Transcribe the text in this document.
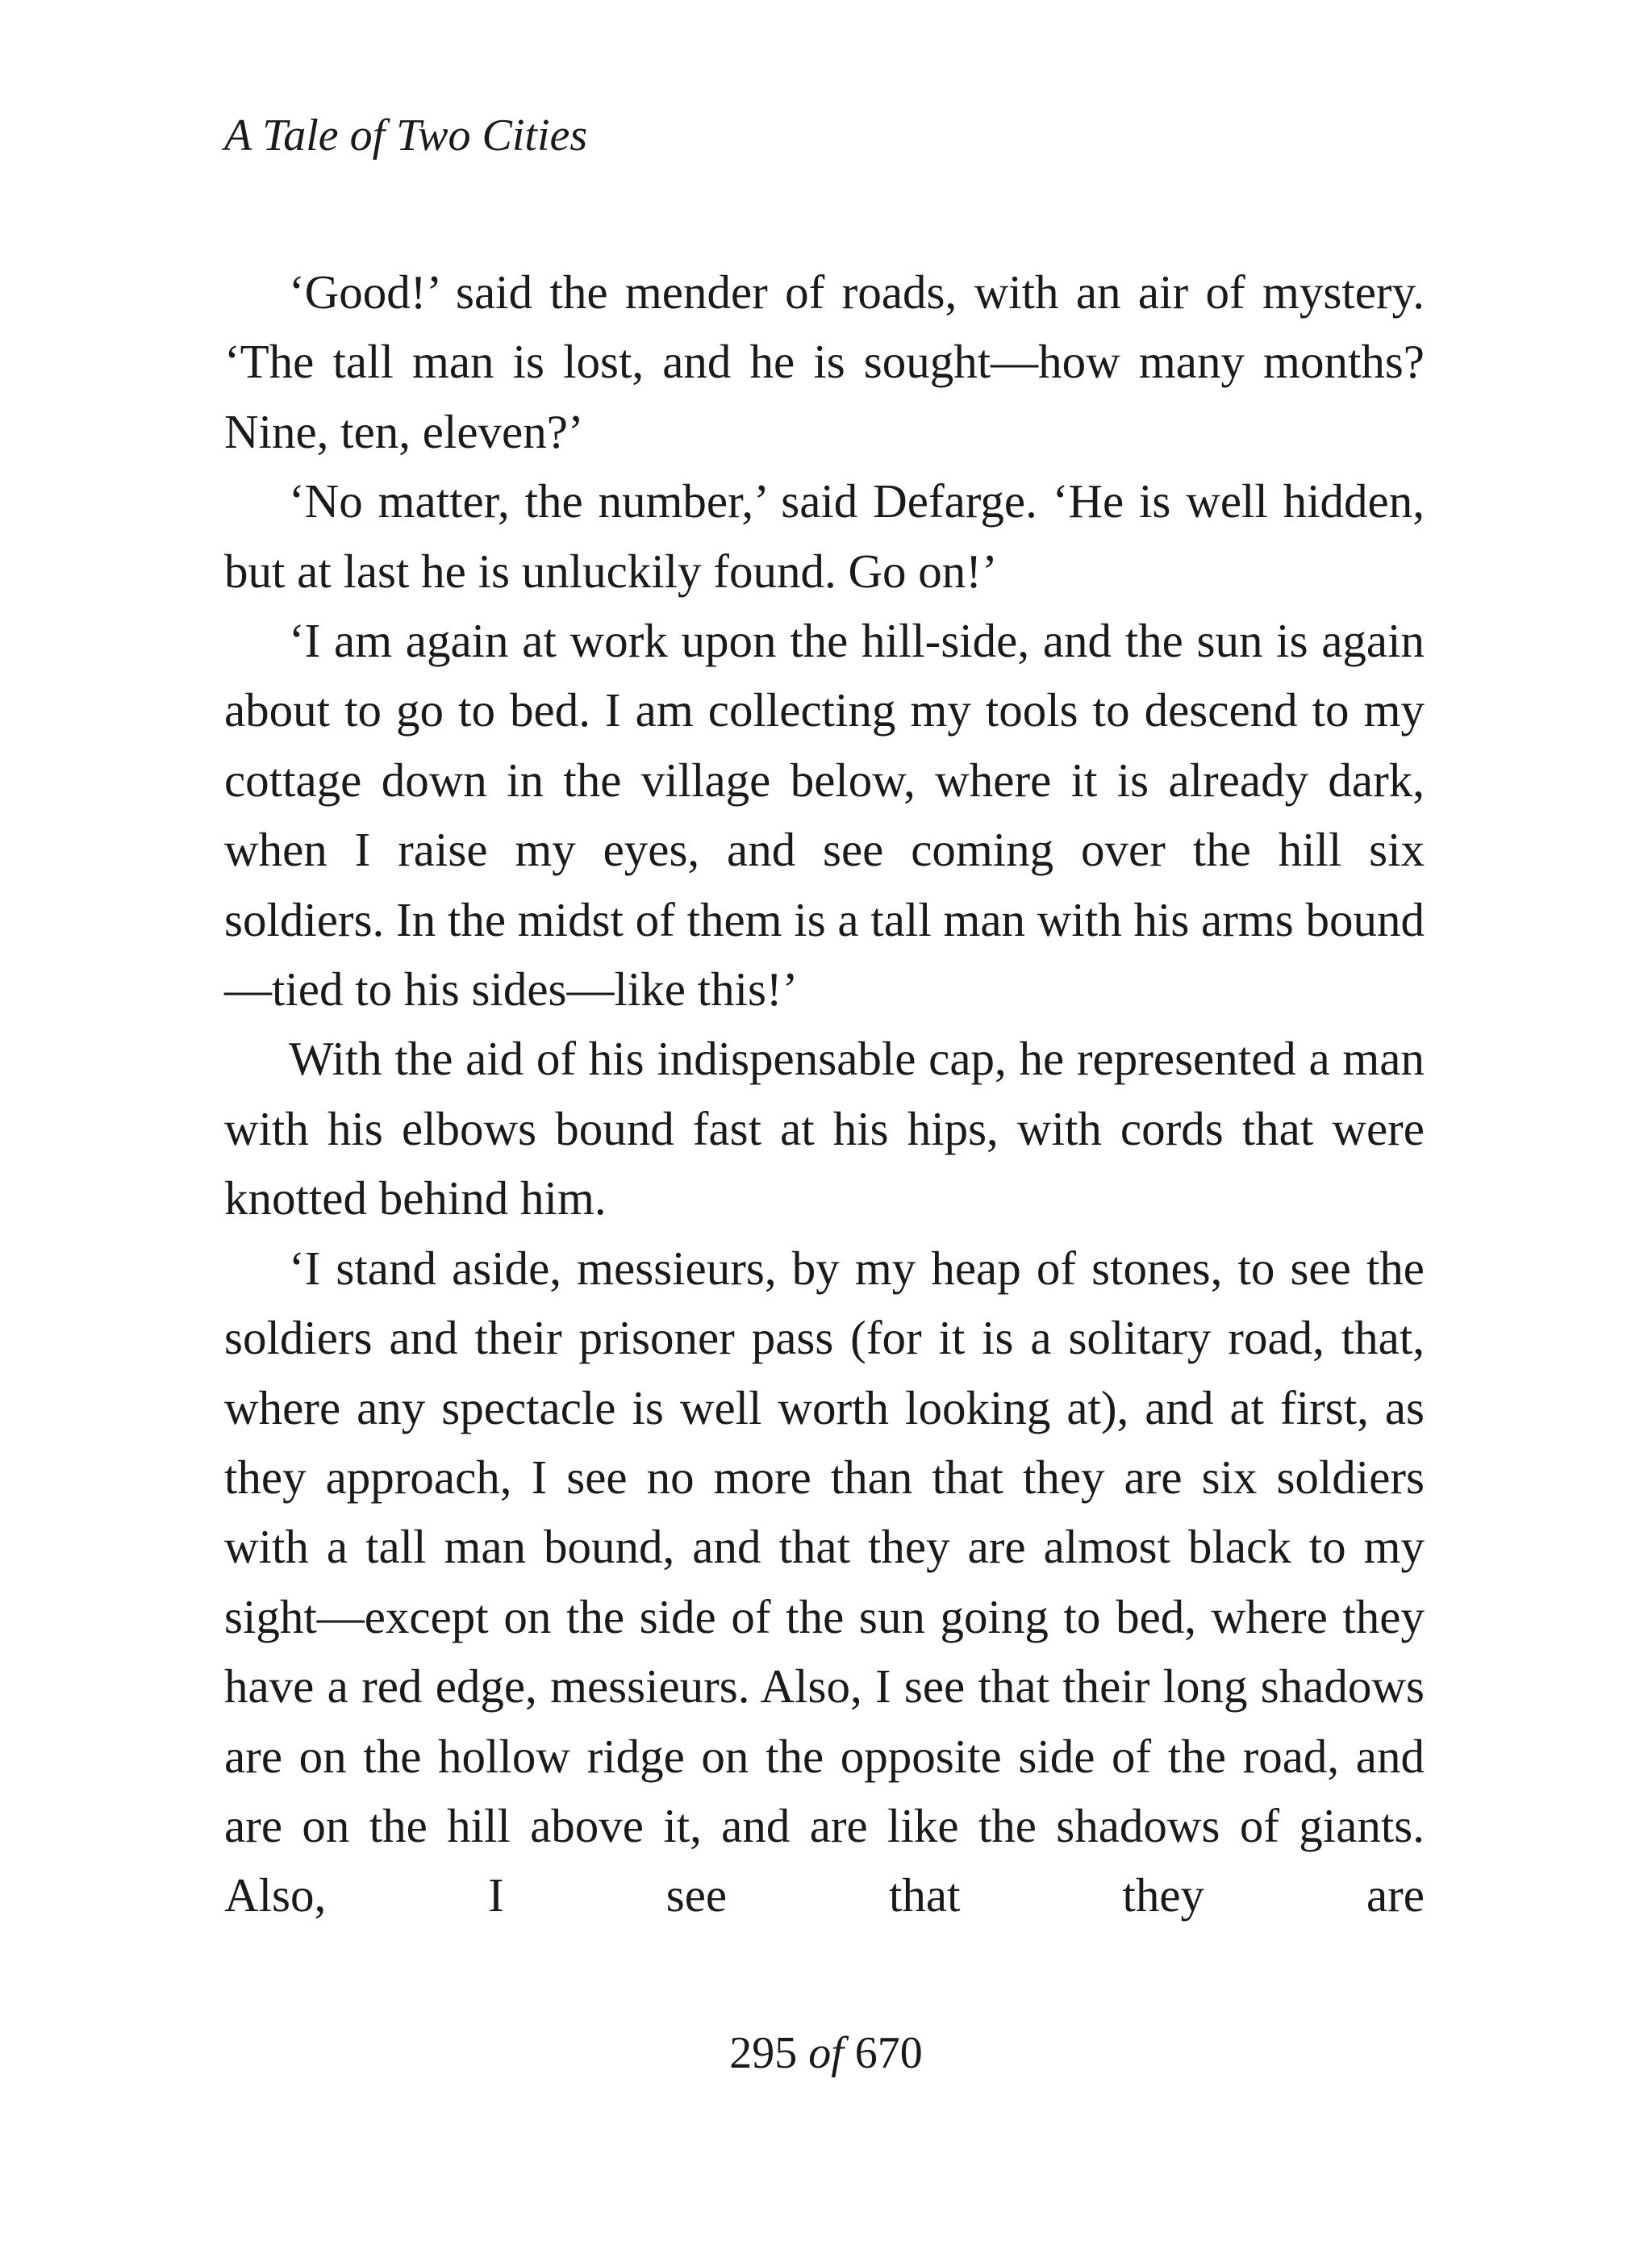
A Tale of Two Cities

‘Good!’ said the mender of roads, with an air of mystery. ‘The tall man is lost, and he is sought—how many months? Nine, ten, eleven?’

‘No matter, the number,’ said Defarge. ‘He is well hidden, but at last he is unluckily found. Go on!’

‘I am again at work upon the hill-side, and the sun is again about to go to bed. I am collecting my tools to descend to my cottage down in the village below, where it is already dark, when I raise my eyes, and see coming over the hill six soldiers. In the midst of them is a tall man with his arms bound—tied to his sides—like this!’

With the aid of his indispensable cap, he represented a man with his elbows bound fast at his hips, with cords that were knotted behind him.

‘I stand aside, messieurs, by my heap of stones, to see the soldiers and their prisoner pass (for it is a solitary road, that, where any spectacle is well worth looking at), and at first, as they approach, I see no more than that they are six soldiers with a tall man bound, and that they are almost black to my sight—except on the side of the sun going to bed, where they have a red edge, messieurs. Also, I see that their long shadows are on the hollow ridge on the opposite side of the road, and are on the hill above it, and are like the shadows of giants. Also, I see that they are

295 of 670
